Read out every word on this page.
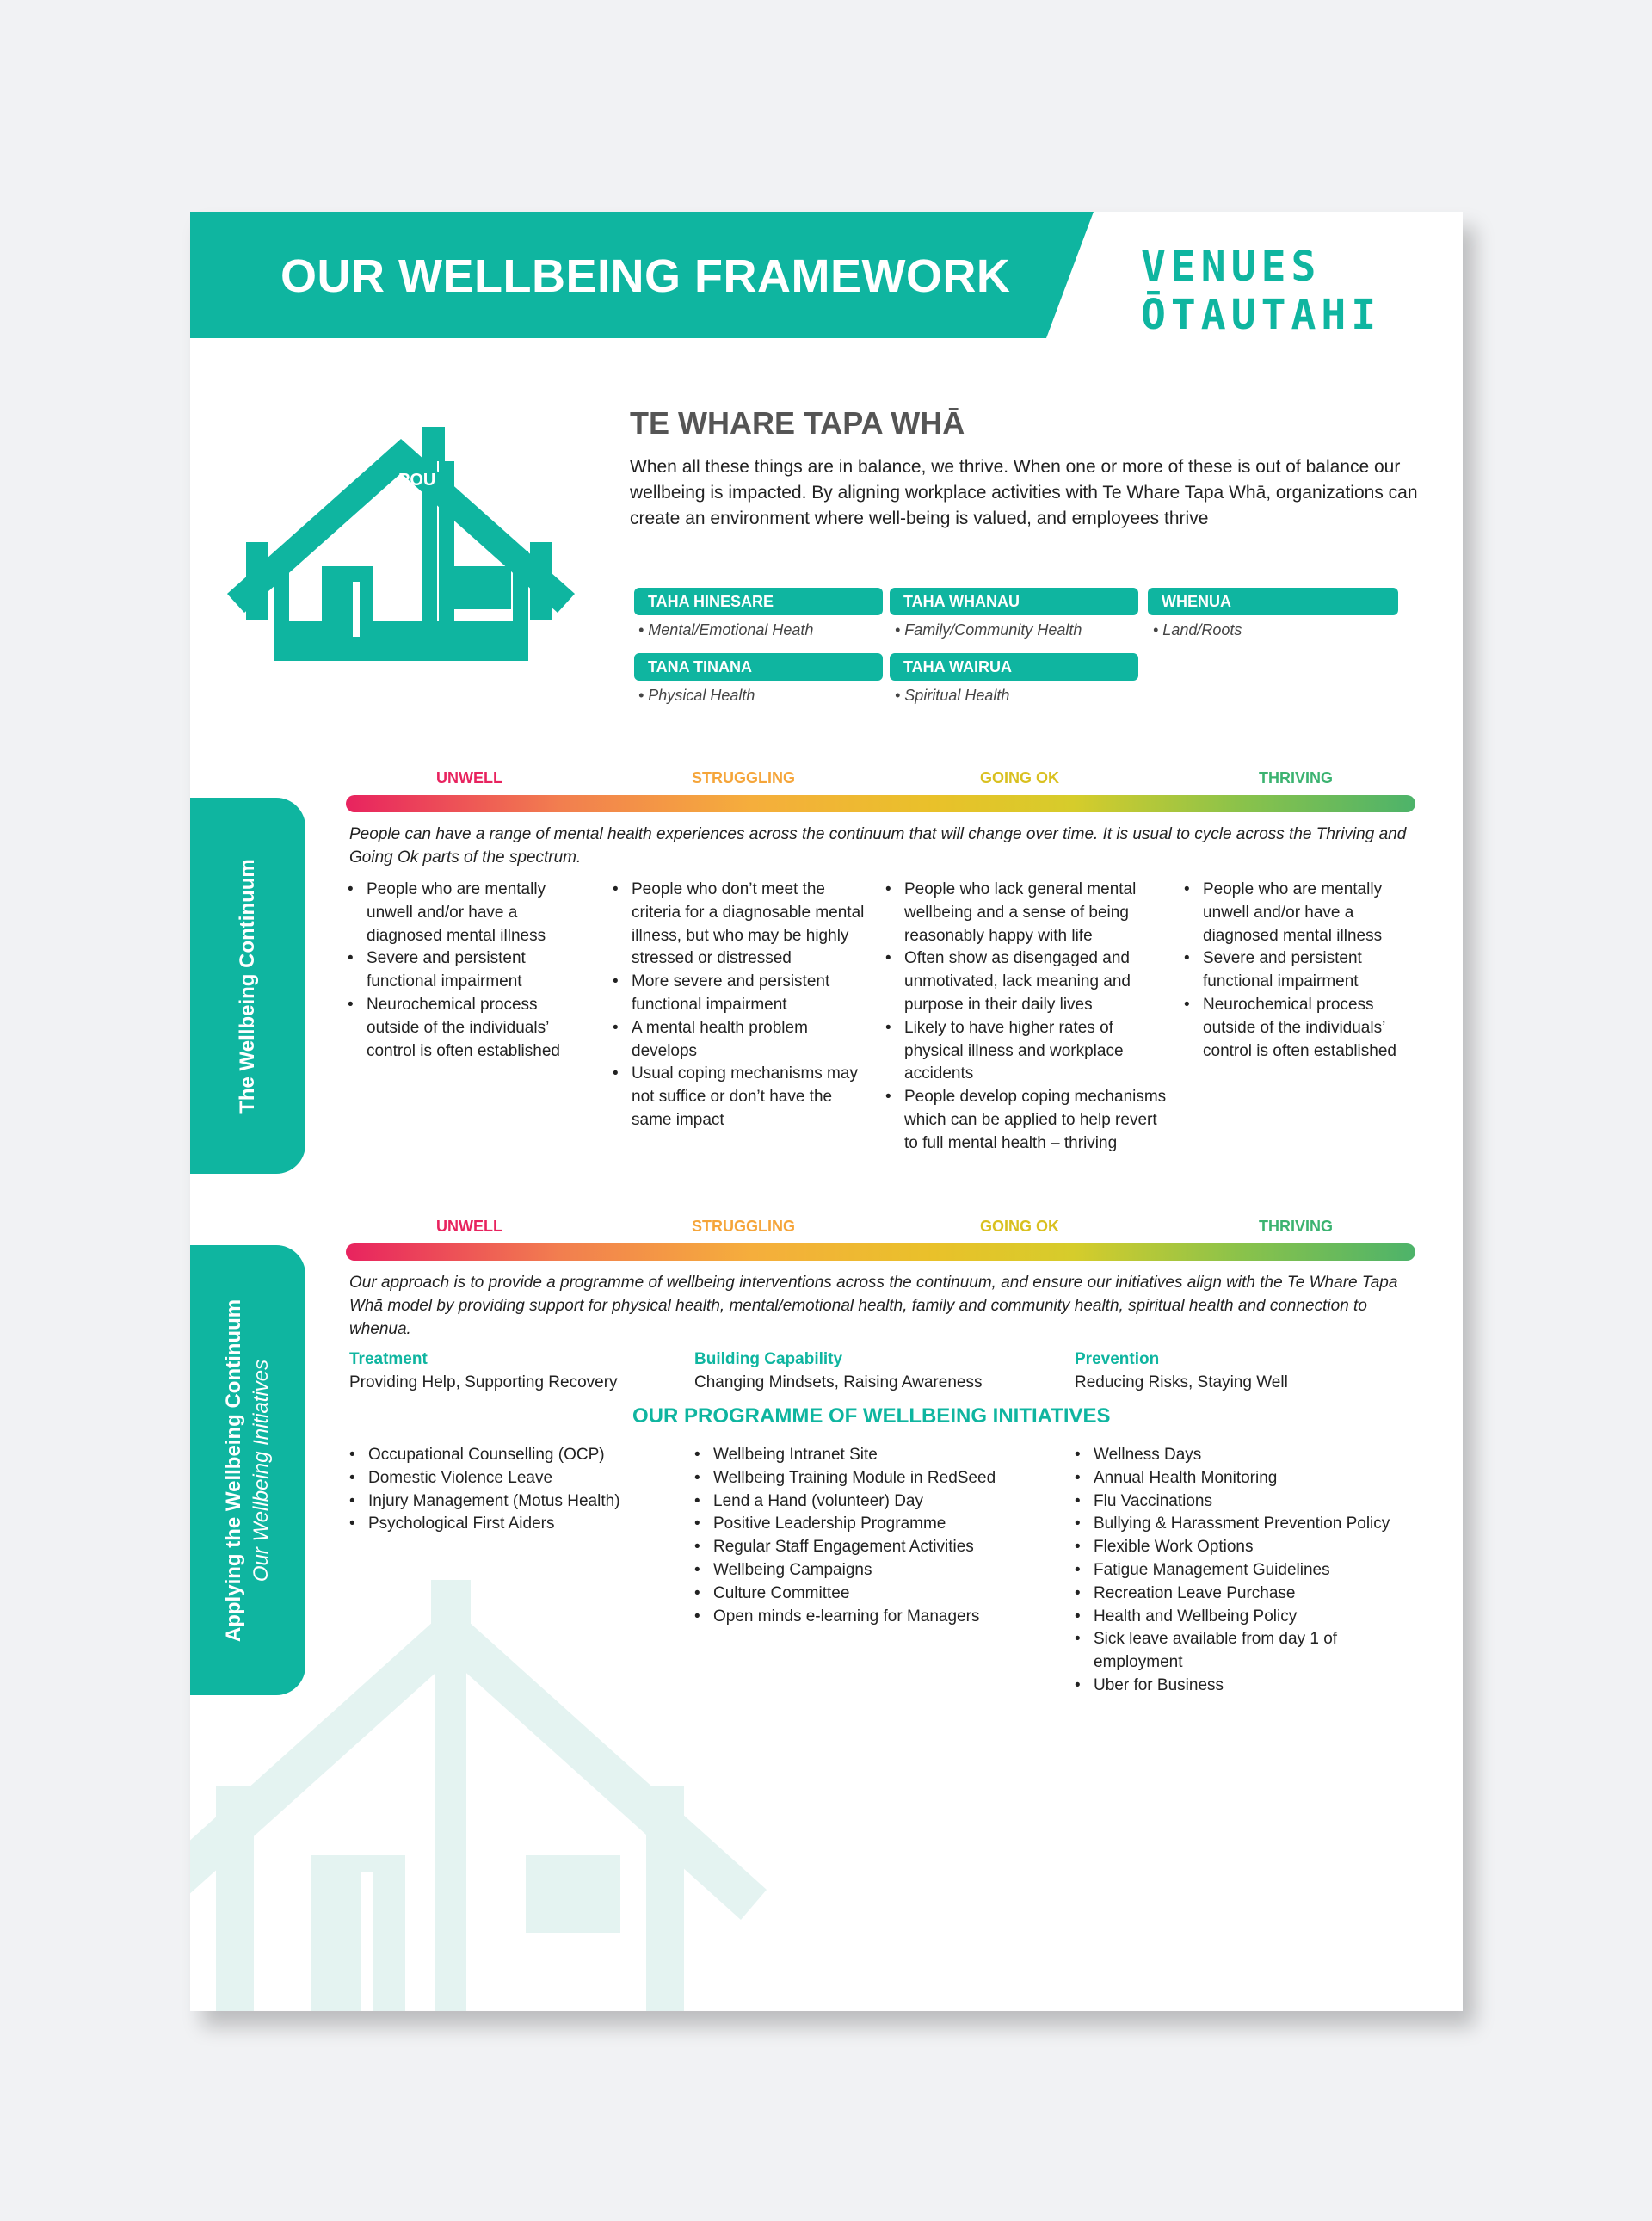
OUR WELLBEING FRAMEWORK	VENUES
ŌTAUTAHI
POU
TE WHARE TAPA WHĀ
TE WHARE TAPA WHĀ
When all these things are in balance, we thrive. When one or more of these is out of balance our wellbeing is impacted. By aligning workplace activities with Te Whare Tapa Whā, organizations can create an environment where well-being is valued, and employees thrive
TAHA HINESARE
• Mental/Emotional Heath
TAHA WHANAU
• Family/Community Health
WHENUA
• Land/Roots
TANA TINANA
• Physical Health
TAHA WAIRUA
• Spiritual Health
UNWELL	STRUGGLING	GOING OK	THRIVING
The Wellbeing Continuum
People can have a range of mental health experiences across the continuum that will change over time. It is usual to cycle across the Thriving and Going Ok parts of the spectrum.
• People who are mentally unwell and/or have a diagnosed mental illness
• Severe and persistent functional impairment
• Neurochemical process outside of the individuals’ control is often established
• People who don’t meet the criteria for a diagnosable mental illness, but who may be highly stressed or distressed
• More severe and persistent functional impairment
• A mental health problem develops
• Usual coping mechanisms may not suffice or don’t have the same impact
• People who lack general mental wellbeing and a sense of being reasonably happy with life
• Often show as disengaged and unmotivated, lack meaning and purpose in their daily lives
• Likely to have higher rates of physical illness and workplace accidents
• People develop coping mechanisms which can be applied to help revert to full mental health – thriving
• People who are mentally unwell and/or have a diagnosed mental illness
• Severe and persistent functional impairment
• Neurochemical process outside of the individuals’ control is often established
UNWELL	STRUGGLING	GOING OK	THRIVING
Applying the Wellbeing Continuum Our Wellbeing Initiatives
Our approach is to provide a programme of wellbeing interventions across the continuum, and ensure our initiatives align with the Te Whare Tapa Whā model by providing support for physical health, mental/emotional health, family and community health, spiritual health and connection to whenua.
Treatment
Providing Help, Supporting Recovery
Building Capability
Changing Mindsets, Raising Awareness
Prevention
Reducing Risks, Staying Well
OUR PROGRAMME OF WELLBEING INITIATIVES
• Occupational Counselling (OCP)
• Domestic Violence Leave
• Injury Management (Motus Health)
• Psychological First Aiders
• Wellbeing Intranet Site
• Wellbeing Training Module in RedSeed
• Lend a Hand (volunteer) Day
• Positive Leadership Programme
• Regular Staff Engagement Activities
• Wellbeing Campaigns
• Culture Committee
• Open minds e-learning for Managers
• Wellness Days
• Annual Health Monitoring
• Flu Vaccinations
• Bullying & Harassment Prevention Policy
• Flexible Work Options
• Fatigue Management Guidelines
• Recreation Leave Purchase
• Health and Wellbeing Policy
• Sick leave available from day 1 of employment
• Uber for Business
